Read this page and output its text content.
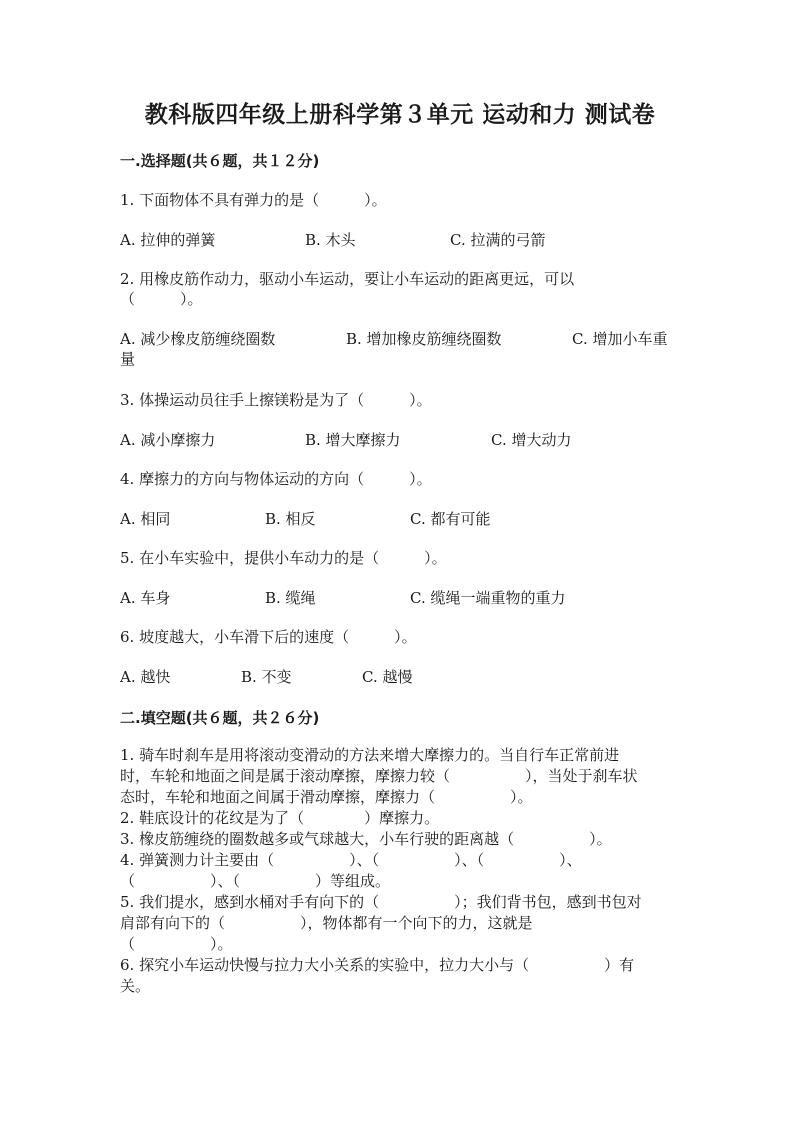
教科版四年级上册科学第３单元 运动和力 测试卷
一.选择题(共６题，共１２分)
1. 下面物体不具有弹力的是（　　　）。
A. 拉伸的弹簧	B. 木头	C. 拉满的弓箭
2. 用橡皮筋作动力，驱动小车运动，要让小车运动的距离更远，可以
（　　　）。
A. 减少橡皮筋缠绕圈数	B. 增加橡皮筋缠绕圈数	C. 增加小车重
量
3. 体操运动员往手上擦镁粉是为了（　　　）。
A. 减小摩擦力	B. 增大摩擦力	C. 增大动力
4. 摩擦力的方向与物体运动的方向（　　　）。
A. 相同	B. 相反	C. 都有可能
5. 在小车实验中，提供小车动力的是（　　　）。
A. 车身	B. 缆绳	C. 缆绳一端重物的重力
6. 坡度越大，小车滑下后的速度（　　　）。
A. 越快	B. 不变	C. 越慢
二.填空题(共６题，共２６分)
1. 骑车时刹车是用将滚动变滑动的方法来增大摩擦力的。当自行车正常前进
时，车轮和地面之间是属于滚动摩擦，摩擦力较（　　　　　），当处于刹车状
态时，车轮和地面之间属于滑动摩擦，摩擦力（　　　　　）。
2. 鞋底设计的花纹是为了（　　　　）摩擦力。
3. 橡皮筋缠绕的圈数越多或气球越大，小车行驶的距离越（　　　　　）。
4. 弹簧测力计主要由（　　　　　）、（　　　　　）、（　　　　　）、
（　　　　　）、（　　　　　）等组成。
5. 我们提水，感到水桶对手有向下的（　　　　　）；我们背书包，感到书包对
肩部有向下的（　　　　　），物体都有一个向下的力，这就是
（　　　　　）。
6. 探究小车运动快慢与拉力大小关系的实验中，拉力大小与（　　　　　）有
关。
